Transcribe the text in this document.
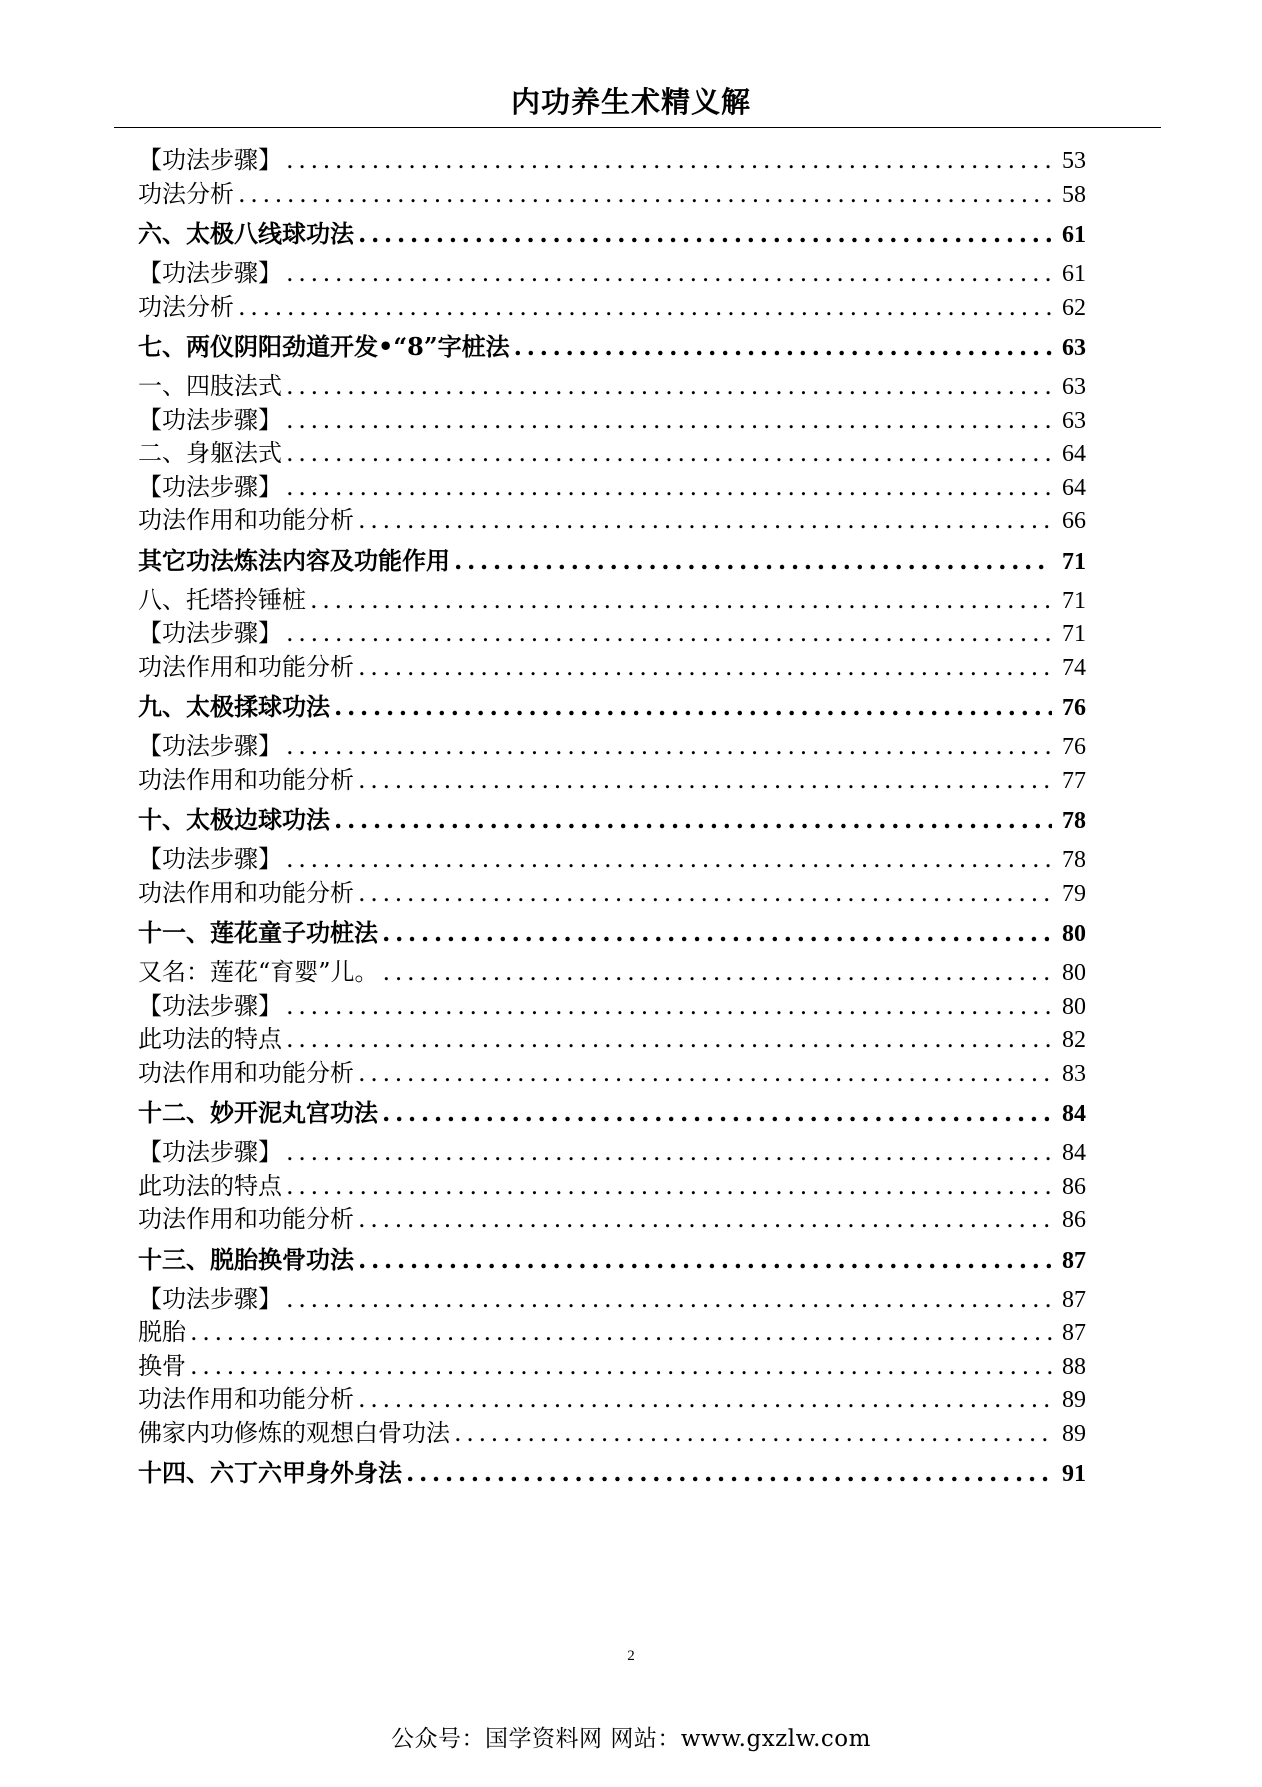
内功养生术精义解
【功法步骤】 .....	53
功法分析 .....	58
六、太极八线球功法 .....	61
【功法步骤】 .....	61
功法分析 .....	62
七、两仪阴阳劲道开发•“8”字桩法 .....	63
一、四肢法式 .....	63
【功法步骤】 .....	63
二、身躯法式 .....	64
【功法步骤】 .....	64
功法作用和功能分析 .....	66
其它功法炼法内容及功能作用 .....	71
八、托塔拎锤桩 .....	71
【功法步骤】 .....	71
功法作用和功能分析 .....	74
九、太极揉球功法 .....	76
【功法步骤】 .....	76
功法作用和功能分析 .....	77
十、太极边球功法 .....	78
【功法步骤】 .....	78
功法作用和功能分析 .....	79
十一、莲花童子功桩法 .....	80
又名：莲花“育婴”儿。 .....	80
【功法步骤】 .....	80
此功法的特点 .....	82
功法作用和功能分析 .....	83
十二、妙开泥丸宫功法 .....	84
【功法步骤】 .....	84
此功法的特点 .....	86
功法作用和功能分析 .....	86
十三、脱胎换骨功法 .....	87
【功法步骤】 .....	87
脱胎 .....	87
换骨 .....	88
功法作用和功能分析 .....	89
佛家内功修炼的观想白骨功法 .....	89
十四、六丁六甲身外身法 .....	91
2
公众号：国学资料网 网站：www.gxzlw.com
